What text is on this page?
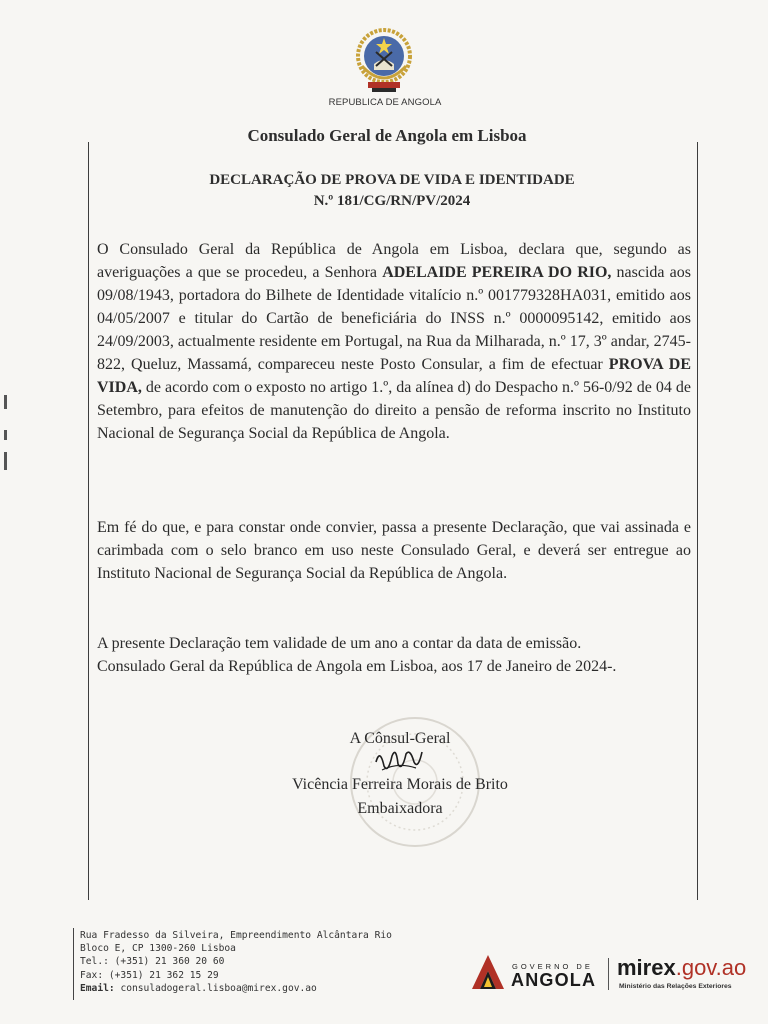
REPUBLICA DE ANGOLA
Consulado Geral de Angola em Lisboa
DECLARAÇÃO DE PROVA DE VIDA E IDENTIDADE
N.º 181/CG/RN/PV/2024
O Consulado Geral da República de Angola em Lisboa, declara que, segundo as averiguações a que se procedeu, a Senhora ADELAIDE PEREIRA DO RIO, nascida aos 09/08/1943, portadora do Bilhete de Identidade vitalício n.º 001779328HA031, emitido aos 04/05/2007 e titular do Cartão de beneficiária do INSS n.º 0000095142, emitido aos 24/09/2003, actualmente residente em Portugal, na Rua da Milharada, n.º 17, 3º andar, 2745-822, Queluz, Massamá, compareceu neste Posto Consular, a fim de efectuar PROVA DE VIDA, de acordo com o exposto no artigo 1.º, da alínea d) do Despacho n.º 56-0/92 de 04 de Setembro, para efeitos de manutenção do direito a pensão de reforma inscrito no Instituto Nacional de Segurança Social da República de Angola.
Em fé do que, e para constar onde convier, passa a presente Declaração, que vai assinada e carimbada com o selo branco em uso neste Consulado Geral, e deverá ser entregue ao Instituto Nacional de Segurança Social da República de Angola.
A presente Declaração tem validade de um ano a contar da data de emissão.
Consulado Geral da República de Angola em Lisboa, aos 17 de Janeiro de 2024-.
A Cônsul-Geral
Vicência Ferreira Morais de Brito
Embaixadora
Rua Fradesso da Silveira, Empreendimento Alcântara Rio
Bloco E, CP 1300-260 Lisboa
Tel.: (+351) 21 360 20 60
Fax: (+351) 21 362 15 29
Email: consuladogeral.lisboa@mirex.gov.ao
GOVERNO DE
ANGOLA mirex.gov.ao
Ministério das Relações Exteriores
